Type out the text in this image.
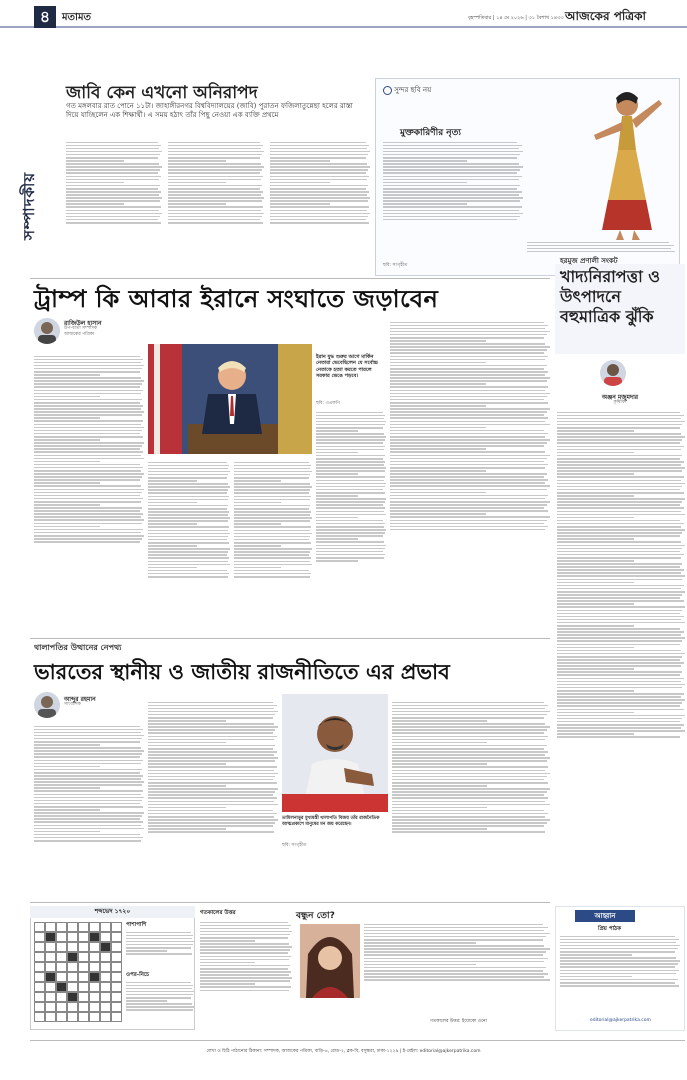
৪	মতামত	বৃহস্পতিবার | ১৪ মে ২০২৬ | ৩১ বৈশাখ ১৪৩৩ আজকের পত্রিকা
সম্পাদকীয়
জাবি কেন এখনো অনিরাপদ
গত মঙ্গলবার রাত পোনে ১১টা। জাহাঙ্গীরনগর বিশ্ববিদ্যালয়ের (জাবি) পুরাতন ফজিলাতুন্নেছা হলের রাস্তা দিয়ে যাচ্ছিলেন এক শিক্ষার্থী। এ সময় হঠাৎ তাঁর পিছু নেওয়া এক ব্যক্তি প্রথমে
সুন্দর ছবি নয়
মুক্তকারিণীর নৃত্য
ছবি: সংগৃহীত
ট্রাম্প কি আবার ইরানে সংঘাতে জড়াবেন
রাজিউল হাসান
উপ-বার্তা সম্পাদক
আজকের পত্রিকা
ইরান যুদ্ধ শুরুর আগে মার্কিন নেতারা ভেবেছিলেন যে সর্বোচ্চ নেতাকে হত্যা করতে পারলে সরকার ভেঙে পড়বে।
ছবি: এএফপি
হরমুজ প্রণালী সংকট
খাদ্যনিরাপত্তা ও উৎপাদনে বহুমাত্রিক ঝুঁকি
অঞ্জন মজুমদার
কৃষিবিদ
থালাপতির উত্থানের নেপথ্য
ভারতের স্থানীয় ও জাতীয় রাজনীতিতে এর প্রভাব
আব্দুর রহমান
সাংবাদিক
তামিলনাড়ুর মুখ্যমন্ত্রী থালাপতি বিজয় তাঁর রাজনৈতিক আত্মপ্রকাশে মানুষের মন জয় করেছেন।
ছবি: সংগৃহীত
শব্দভেদ ১৭২০
পাশাপাশি
ওপর-নিচে
গতকালের উত্তর	বন্ধুন তো?
গতকালের উত্তর: ইয়োকো ওনো
আহ্বান
প্রিয় পাঠক
editorial@ajkerpatrika.com
লেখা ও চিঠি পাঠানোর ঠিকানা: সম্পাদক, আজকের পত্রিকা, বাড়ি-৬, রোড-২, ব্লক-বি, বসুন্ধরা, ঢাকা-১২২৯ | ই-মেইল: editorial@ajkerpatrika.com
